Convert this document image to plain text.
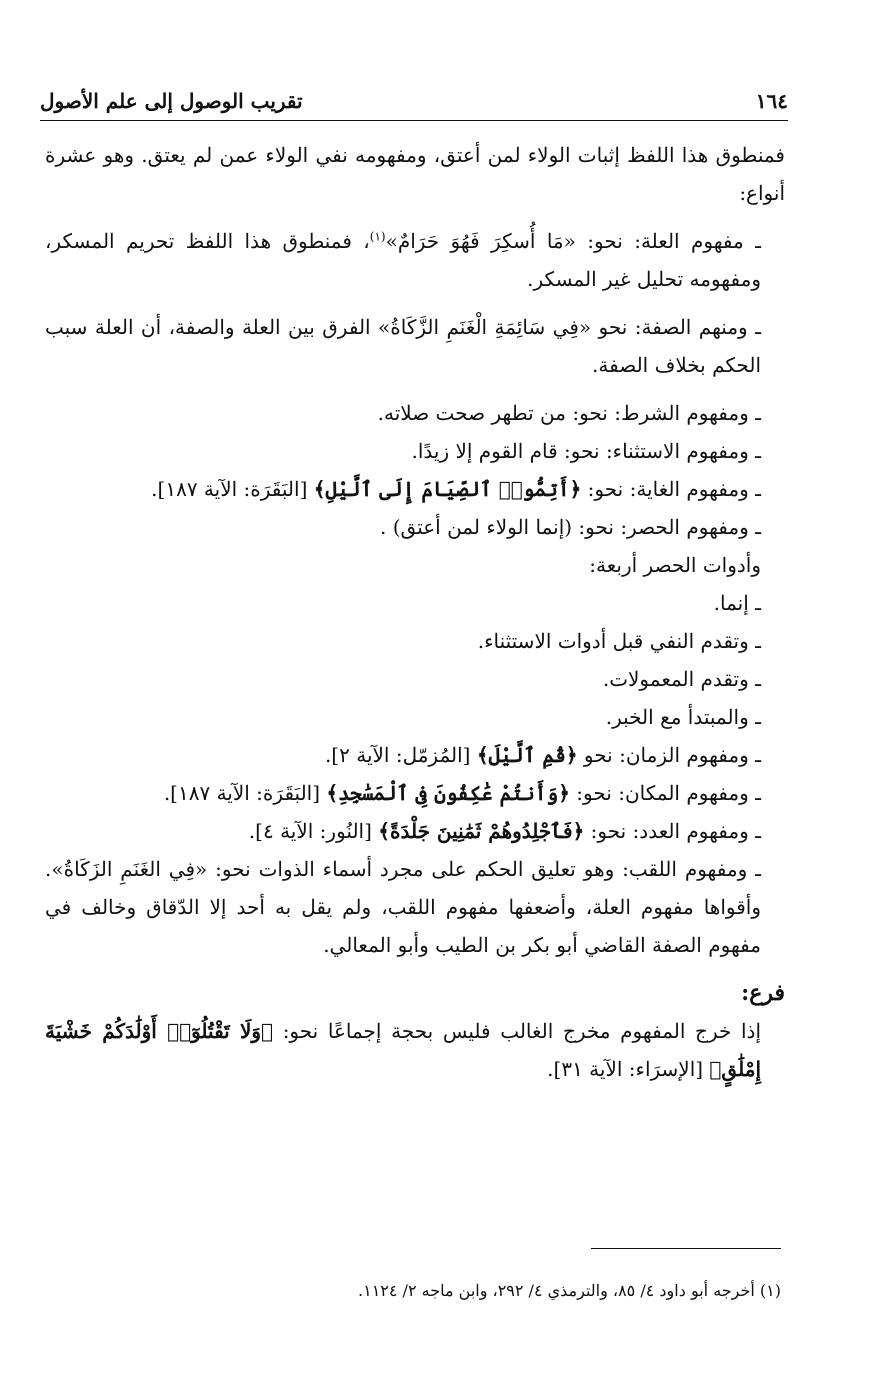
١٦٤
تقريب الوصول إلى علم الأصول

فمنطوق هذا اللفظ إثبات الولاء لمن أعتق، ومفهومه نفي الولاء عمن لم يعتق. وهو عشرة أنواع:

ـ مفهوم العلة: نحو: «مَا أُسكِرَ فَهُوَ حَرَامٌ»$^{(١)}$، فمنطوق هذا اللفظ تحريم المسكر، ومفهومه تحليل غير المسكر.

ـ ومنهم الصفة: نحو «فِي سَائِمَةِ الْغَنَمِ الزَّكَاةُ» الفرق بين العلة والصفة، أن العلة سبب الحكم بخلاف الصفة.

ـ ومفهوم الشرط: نحو: من تطهر صحت صلاته.

ـ ومفهوم الاستثناء: نحو: قام القوم إلا زيدًا.

ـ ومفهوم الغاية: نحو: ﴿أَتِمُّوا۟ ٱلصِّيَامَ إِلَى ٱلَّيْلِ﴾ [البَقَرَة: الآية ١٨٧].

ـ ومفهوم الحصر: نحو: (إنما الولاء لمن أعتق) .

وأدوات الحصر أربعة:

ـ إنما.

ـ وتقدم النفي قبل أدوات الاستثناء.

ـ وتقدم المعمولات.

ـ والمبتدأ مع الخبر.

ـ ومفهوم الزمان: نحو ﴿قُمِ ٱلَّيْلَ﴾ [المُزمّل: الآية ٢].

ـ ومفهوم المكان: نحو: ﴿وَأَنتُمْ عَٰكِفُونَ فِى ٱلْمَسَٰجِدِ﴾ [البَقَرَة: الآية ١٨٧].

ـ ومفهوم العدد: نحو: ﴿فَٱجْلِدُوهُمْ ثَمَٰنِينَ جَلْدَةً﴾ [النُور: الآية ٤].

ـ ومفهوم اللقب: وهو تعليق الحكم على مجرد أسماء الذوات نحو: «فِي الغَنَمِ الزَكَاةُ». وأقواها مفهوم العلة، وأضعفها مفهوم اللقب، ولم يقل به أحد إلا الدّقاق وخالف في مفهوم الصفة القاضي أبو بكر بن الطيب وأبو المعالي.

فرع:

إذا خرج المفهوم مخرج الغالب فليس بحجة إجماعًا نحو: ﴿وَلَا تَقْتُلُوٓا۟ أَوْلَٰدَكُمْ خَشْيَةَ إِمْلَٰقٍ﴾ [الإسرَاء: الآية ٣١].

(١) أخرجه أبو داود ٤/ ٨٥، والترمذي ٤/ ٢٩٢، وابن ماجه ٢/ ١١٢٤.
